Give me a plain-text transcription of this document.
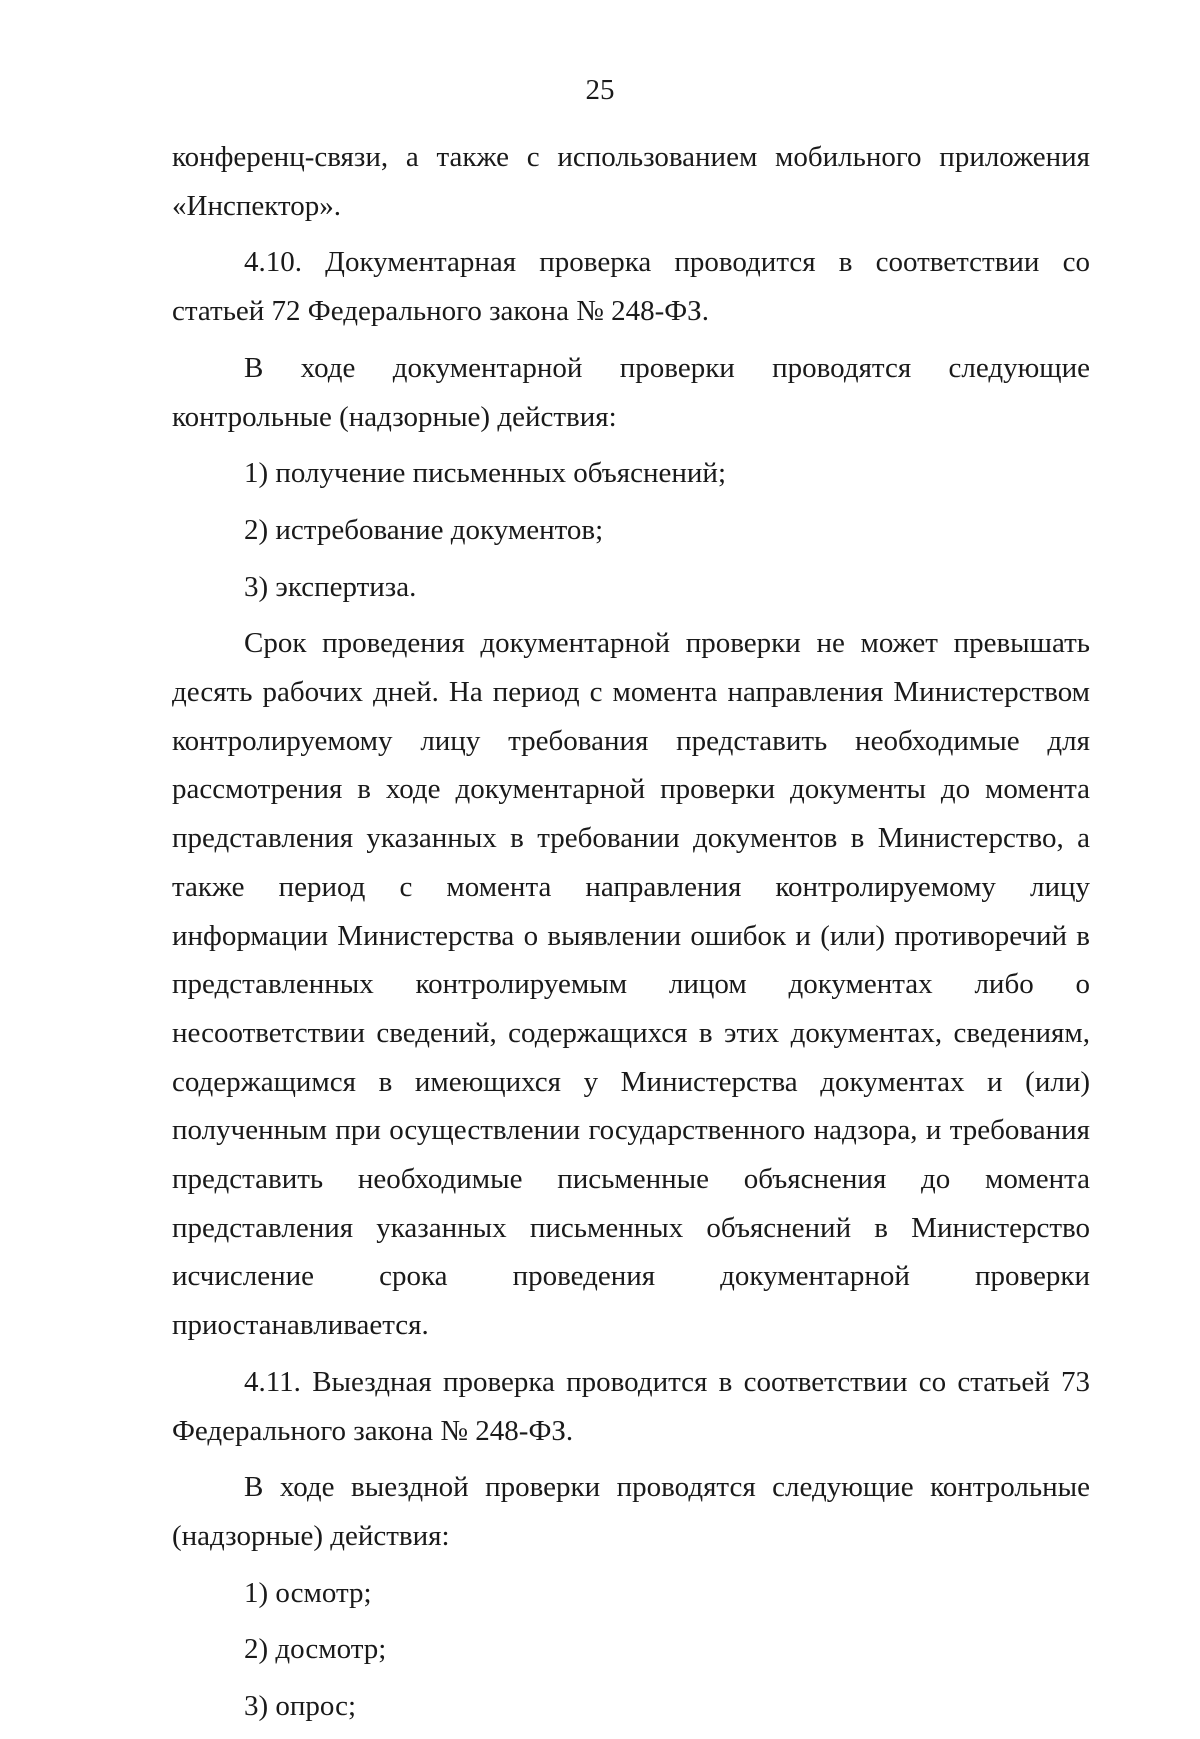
25

конференц-связи, а также с использованием мобильного приложения «Инспектор».

4.10. Документарная проверка проводится в соответствии со статьей 72 Федерального закона № 248-ФЗ.

В ходе документарной проверки проводятся следующие контрольные (надзорные) действия:

1) получение письменных объяснений;

2) истребование документов;

3) экспертиза.

Срок проведения документарной проверки не может превышать десять рабочих дней. На период с момента направления Министерством контролируемому лицу требования представить необходимые для рассмотрения в ходе документарной проверки документы до момента представления указанных в требовании документов в Министерство, а также период с момента направления контролируемому лицу информации Министерства о выявлении ошибок и (или) противоречий в представленных контролируемым лицом документах либо о несоответствии сведений, содержащихся в этих документах, сведениям, содержащимся в имеющихся у Министерства документах и (или) полученным при осуществлении государственного надзора, и требования представить необходимые письменные объяснения до момента представления указанных письменных объяснений в Министерство исчисление срока проведения документарной проверки приостанавливается.

4.11. Выездная проверка проводится в соответствии со статьей 73 Федерального закона № 248-ФЗ.

В ходе выездной проверки проводятся следующие контрольные (надзорные) действия:

1) осмотр;

2) досмотр;

3) опрос;
